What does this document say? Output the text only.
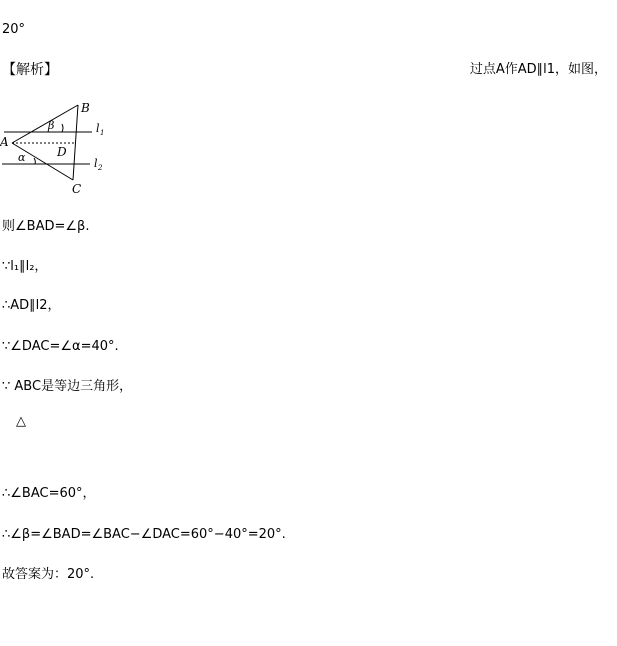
20°
【解析】	过点A作AD∥l1，如图，
A
B
C
D
α
β	l 1
l 2
则∠BAD=∠β.
∵l₁∥l₂，
∴AD∥l2，
∵∠DAC=∠α=40°.
∵ ABC是等边三角形，
△
∴∠BAC=60°，
∴∠β=∠BAD=∠BAC−∠DAC=60°−40°=20°.
故答案为：20°.
